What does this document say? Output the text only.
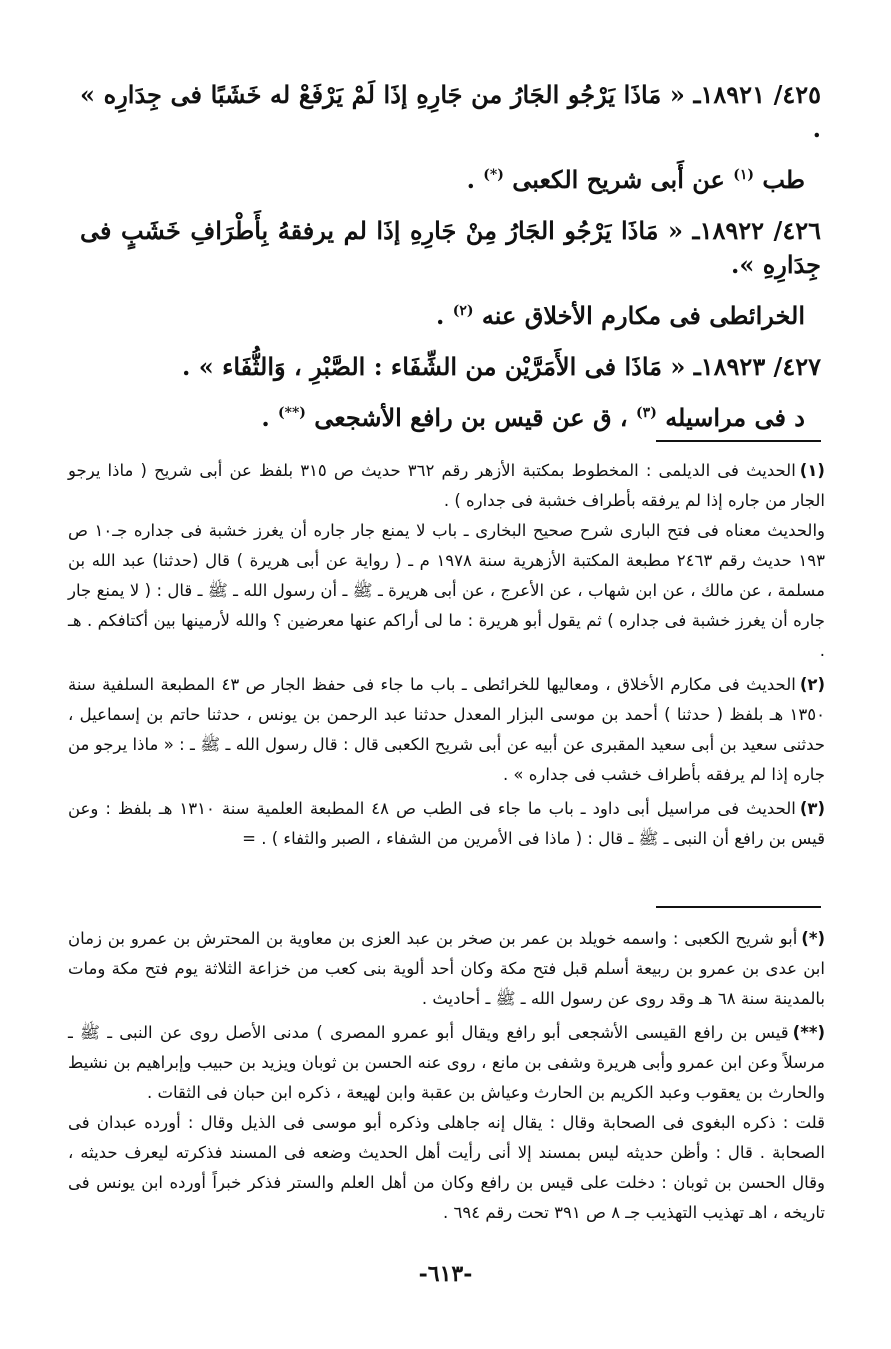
٤٢٥/ ١٨٩٢١ـ « مَاذَا يَرْجُو الجَارُ من جَارِهِ إذَا لَمْ يَرْفَعْ له خَشَبًا فى جِدَارِه » .
طب $^{(١)}$ عن أَبى شريح الكعبى (*) .
٤٢٦/ ١٨٩٢٢ـ « مَاذَا يَرْجُو الجَارُ مِنْ جَارِهِ إذَا لم يرفقهُ بِأَطْرَافِ خَشَبٍ فى جِدَارِهِ ».
الخرائطى فى مكارم الأخلاق عنه $^{(٢)}$ .
٤٢٧/ ١٨٩٢٣ـ « مَاذَا فى الأَمَرَّيْن من الشِّفَاء : الصَّبْرِ ، وَالثُّفَاء » .
د فى مراسيله $^{(٣)}$ ، ق عن قيس بن رافع الأشجعى (**) .

(١)الحديث فى الديلمى : المخطوط بمكتبة الأزهر رقم ٣٦٢ حديث ص ٣١٥ بلفظ عن أبى شريح ( ماذا يرجو الجار من جاره إذا لم يرفقه بأطراف خشبة فى جداره ) .

والحديث معناه فى فتح البارى شرح صحيح البخارى ـ باب لا يمنع جار جاره أن يغرز خشبة فى جداره جـ١٠ ص ١٩٣ حديث رقم ٢٤٦٣ مطبعة المكتبة الأزهرية سنة ١٩٧٨ م ـ ( رواية عن أبى هريرة ) قال (حدثنا) عبد الله بن مسلمة ، عن مالك ، عن ابن شهاب ، عن الأعرج ، عن أبى هريرة ـ ﷺ ـ أن رسول الله ـ ﷺ ـ قال : ( لا يمنع جار جاره أن يغرز خشبة فى جداره ) ثم يقول أبو هريرة : ما لى أراكم عنها معرضين ؟ والله لأرمينها بين أكتافكم . هـ .

(٢)الحديث فى مكارم الأخلاق ، ومعاليها للخرائطى ـ باب ما جاء فى حفظ الجار ص ٤٣ المطبعة السلفية سنة ١٣٥٠ هـ بلفظ ( حدثنا ) أحمد بن موسى البزار المعدل حدثنا عبد الرحمن بن يونس ، حدثنا حاتم بن إسماعيل ، حدثنى سعيد بن أبى سعيد المقبرى عن أبيه عن أبى شريح الكعبى قال : قال رسول الله ـ ﷺ ـ : « ماذا يرجو من جاره إذا لم يرفقه بأطراف خشب فى جداره » .

(٣)الحديث فى مراسيل أبى داود ـ باب ما جاء فى الطب ص ٤٨ المطبعة العلمية سنة ١٣١٠ هـ بلفظ : وعن قيس بن رافع أن النبى ـ ﷺ ـ قال : ( ماذا فى الأمرين من الشفاء ، الصبر والثفاء ) . =

(*)أبو شريح الكعبى : واسمه خويلد بن عمر بن صخر بن عبد العزى بن معاوية بن المحترش بن عمرو بن زمان ابن عدى بن عمرو بن ربيعة أسلم قبل فتح مكة وكان أحد ألوية بنى كعب من خزاعة الثلاثة يوم فتح مكة ومات بالمدينة سنة ٦٨ هـ وقد روى عن رسول الله ـ ﷺ ـ أحاديث .

(**)قيس بن رافع القيسى الأشجعى أبو رافع ويقال أبو عمرو المصرى ) مدنى الأصل روى عن النبى ـ ﷺ ـ مرسلاً وعن ابن عمرو وأبى هريرة وشفى بن مانع ، روى عنه الحسن بن ثوبان ويزيد بن حبيب وإبراهيم بن نشيط والحارث بن يعقوب وعبد الكريم بن الحارث وعياش بن عقبة وابن لهيعة ، ذكره ابن حبان فى الثقات .

قلت : ذكره البغوى فى الصحابة وقال : يقال إنه جاهلى وذكره أبو موسى فى الذيل وقال : أورده عبدان فى الصحابة . قال : وأظن حديثه ليس بمسند إلا أنى رأيت أهل الحديث وضعه فى المسند فذكرته ليعرف حديثه ، وقال الحسن بن ثوبان : دخلت على قيس بن رافع وكان من أهل العلم والستر فذكر خبراً أورده ابن يونس فى تاريخه ، اهـ تهذيب التهذيب جـ ٨ ص ٣٩١ تحت رقم ٦٩٤ .

-٦١٣-
